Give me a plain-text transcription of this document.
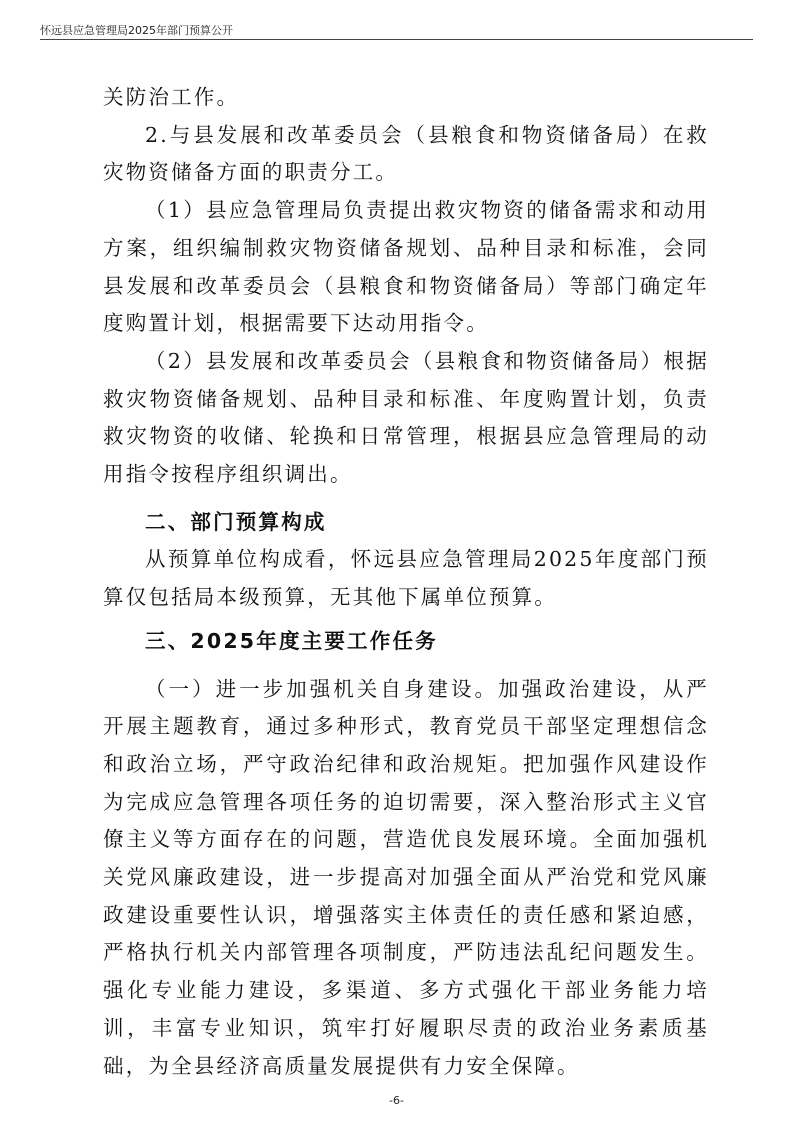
怀远县应急管理局2025年部门预算公开

关防治工作。

2.与县发展和改革委员会（县粮食和物资储备局）在救灾物资储备方面的职责分工。

（1）县应急管理局负责提出救灾物资的储备需求和动用方案，组织编制救灾物资储备规划、品种目录和标准，会同县发展和改革委员会（县粮食和物资储备局）等部门确定年度购置计划，根据需要下达动用指令。

（2）县发展和改革委员会（县粮食和物资储备局）根据救灾物资储备规划、品种目录和标准、年度购置计划，负责救灾物资的收储、轮换和日常管理，根据县应急管理局的动用指令按程序组织调出。

二、部门预算构成

从预算单位构成看，怀远县应急管理局2025年度部门预算仅包括局本级预算，无其他下属单位预算。

三、2025年度主要工作任务

（一）进一步加强机关自身建设。加强政治建设，从严开展主题教育，通过多种形式，教育党员干部坚定理想信念和政治立场，严守政治纪律和政治规矩。把加强作风建设作为完成应急管理各项任务的迫切需要，深入整治形式主义官僚主义等方面存在的问题，营造优良发展环境。全面加强机关党风廉政建设，进一步提高对加强全面从严治党和党风廉政建设重要性认识，增强落实主体责任的责任感和紧迫感，严格执行机关内部管理各项制度，严防违法乱纪问题发生。强化专业能力建设，多渠道、多方式强化干部业务能力培训，丰富专业知识，筑牢打好履职尽责的政治业务素质基础，为全县经济高质量发展提供有力安全保障。

-6-
